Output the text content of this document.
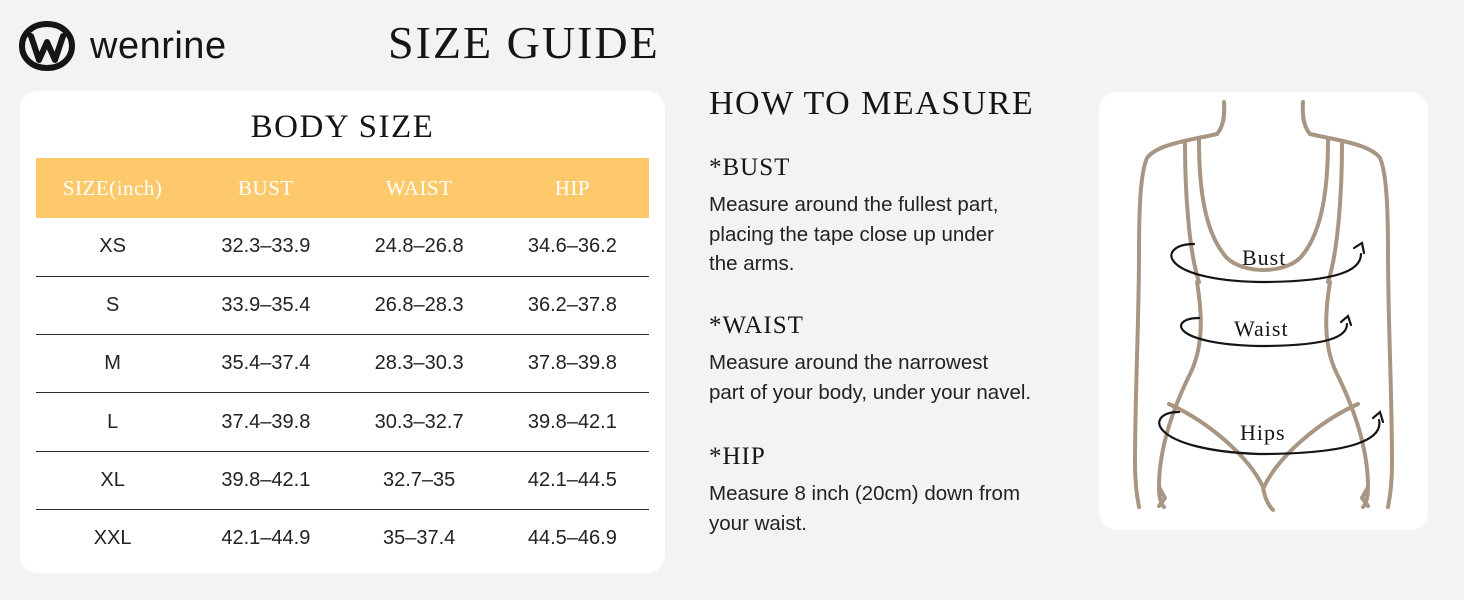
wenrine	SIZE GUIDE
BODY SIZE
SIZE(inch)	BUST	WAIST	HIP
XS	32.3–33.9	24.8–26.8	34.6–36.2
S	33.9–35.4	26.8–28.3	36.2–37.8
M	35.4–37.4	28.3–30.3	37.8–39.8
L	37.4–39.8	30.3–32.7	39.8–42.1
XL	39.8–42.1	32.7–35	42.1–44.5
XXL	42.1–44.9	35–37.4	44.5–46.9
HOW TO MEASURE
*BUST
Measure around the fullest part,
placing the tape close up under
the arms.
*WAIST
Measure around the narrowest
part of your body, under your navel.
*HIP
Measure 8 inch (20cm) down from
your waist.
Bust
Waist
Hips
